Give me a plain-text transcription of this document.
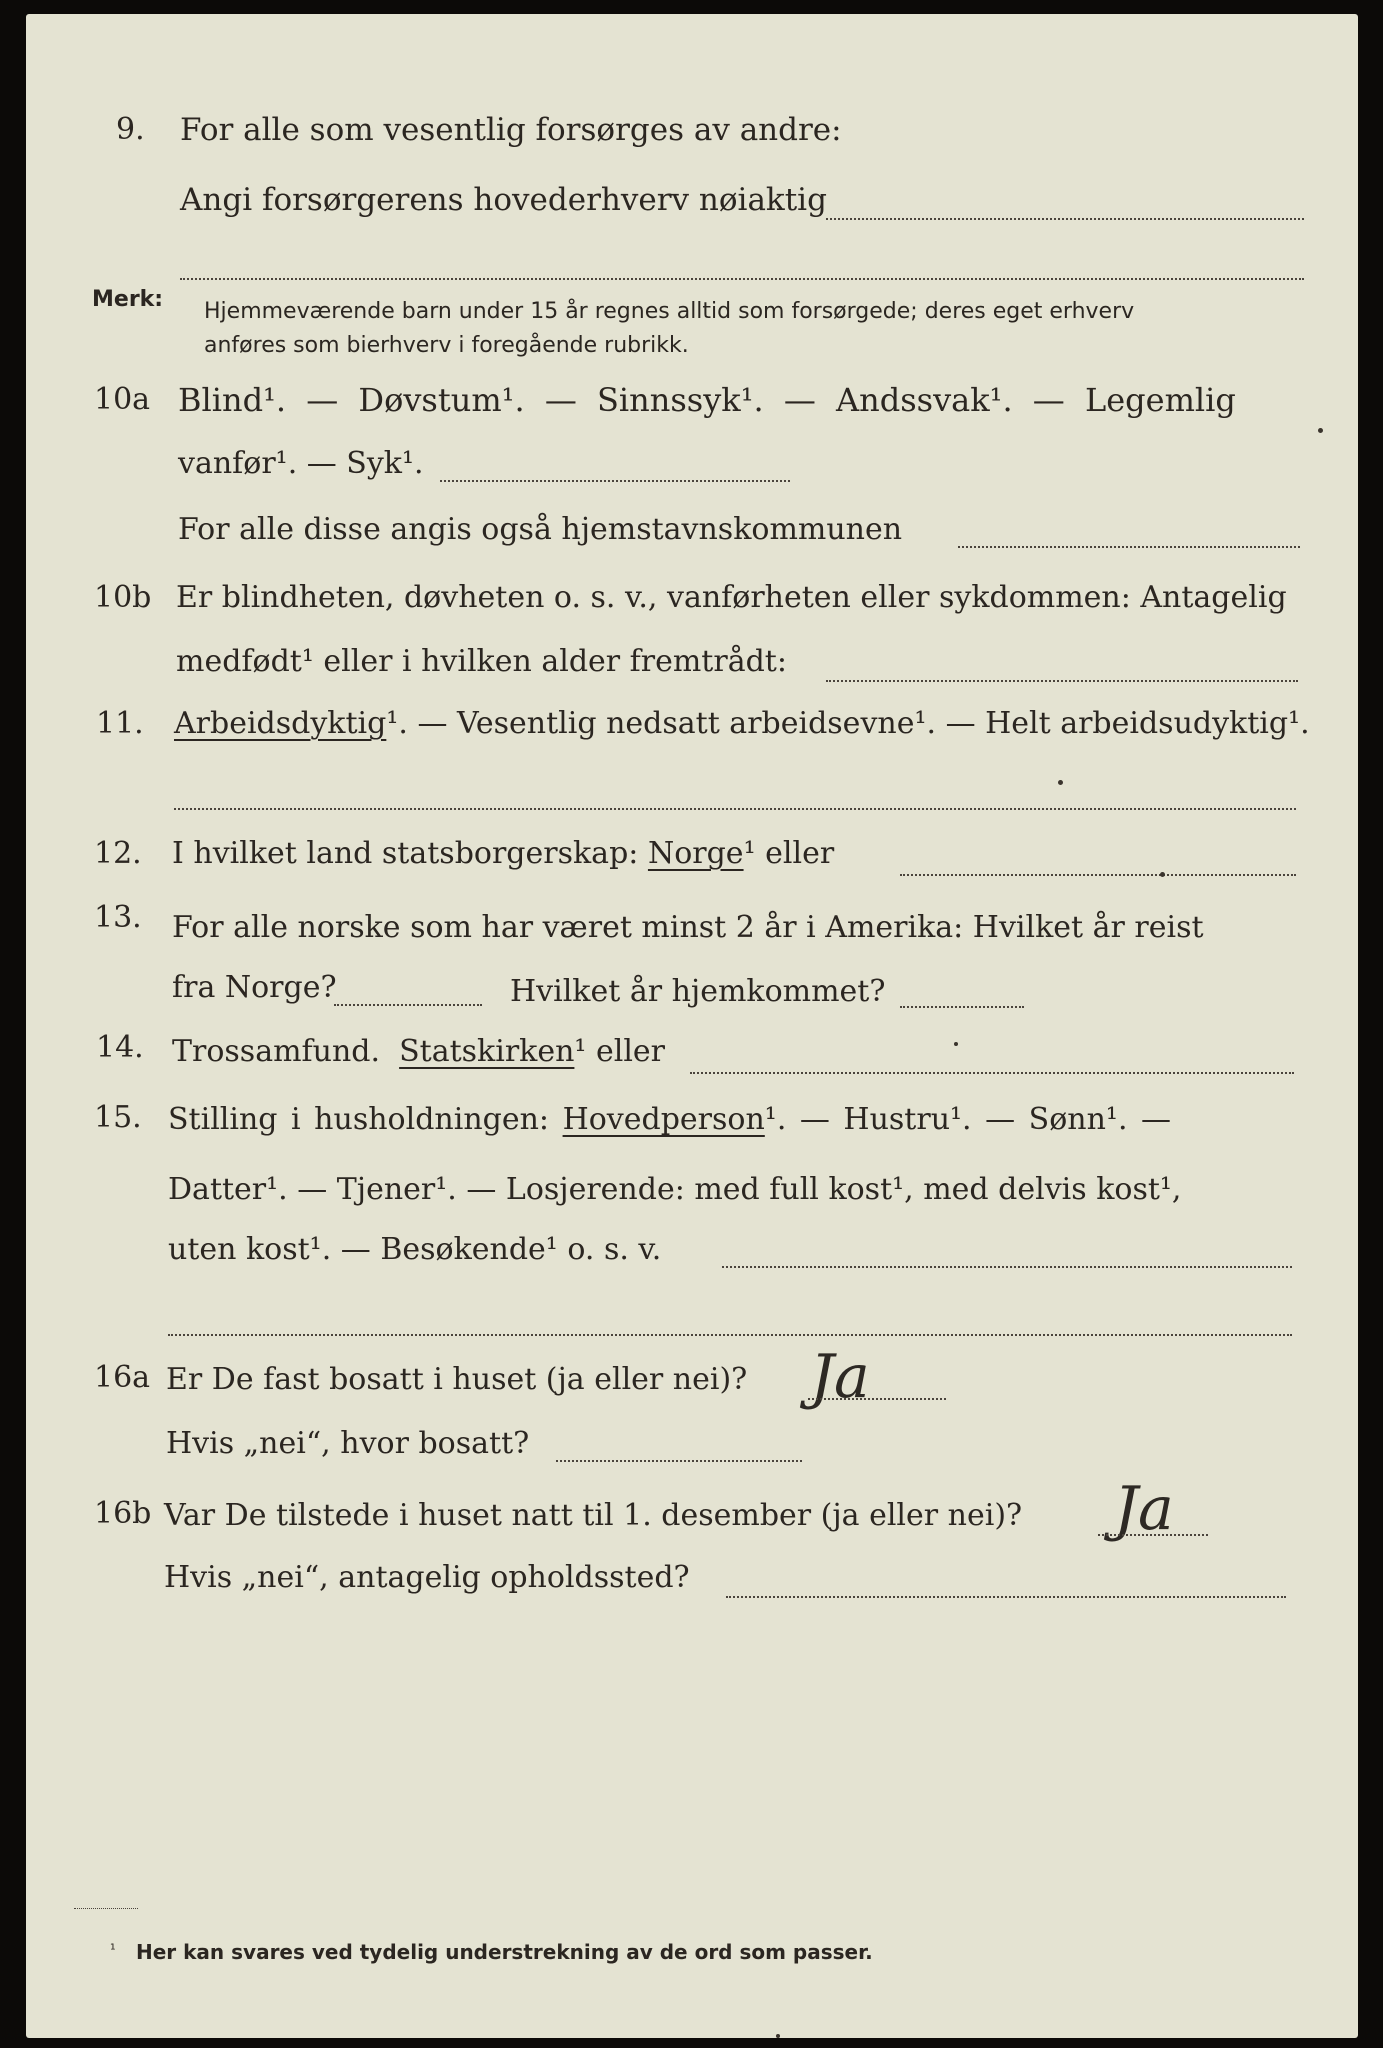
9. For alle som vesentlig forsørges av andre:
Angi forsørgerens hovederhverv nøiaktig
Merk: Hjemmeværende barn under 15 år regnes alltid som forsørgede; deres eget erhverv
anføres som bierhverv i foregående rubrikk.
10a Blind¹. — Døvstum¹. — Sinnssyk¹. — Andssvak¹. — Legemlig
vanfør¹. — Syk¹.
For alle disse angis også hjemstavnskommunen
10b Er blindheten, døvheten o. s. v., vanførheten eller sykdommen: Antagelig
medfødt¹ eller i hvilken alder fremtrådt:
11. Arbeidsdyktig¹. — Vesentlig nedsatt arbeidsevne¹. — Helt arbeidsudyktig¹.
12. I hvilket land statsborgerskap: Norge¹ eller
13. For alle norske som har været minst 2 år i Amerika: Hvilket år reist
fra Norge?	Hvilket år hjemkommet?
14. Trossamfund. Statskirken¹ eller
15. Stilling i husholdningen: Hovedperson¹. — Hustru¹. — Sønn¹. —
Datter¹. — Tjener¹. — Losjerende: med full kost¹, med delvis kost¹,
uten kost¹. — Besøkende¹ o. s. v.
16a Er De fast bosatt i huset (ja eller nei)? Ja
Hvis „nei“, hvor bosatt?
16b Var De tilstede i huset natt til 1. desember (ja eller nei)? Ja
Hvis „nei“, antagelig opholdssted?
¹ Her kan svares ved tydelig understrekning av de ord som passer.
